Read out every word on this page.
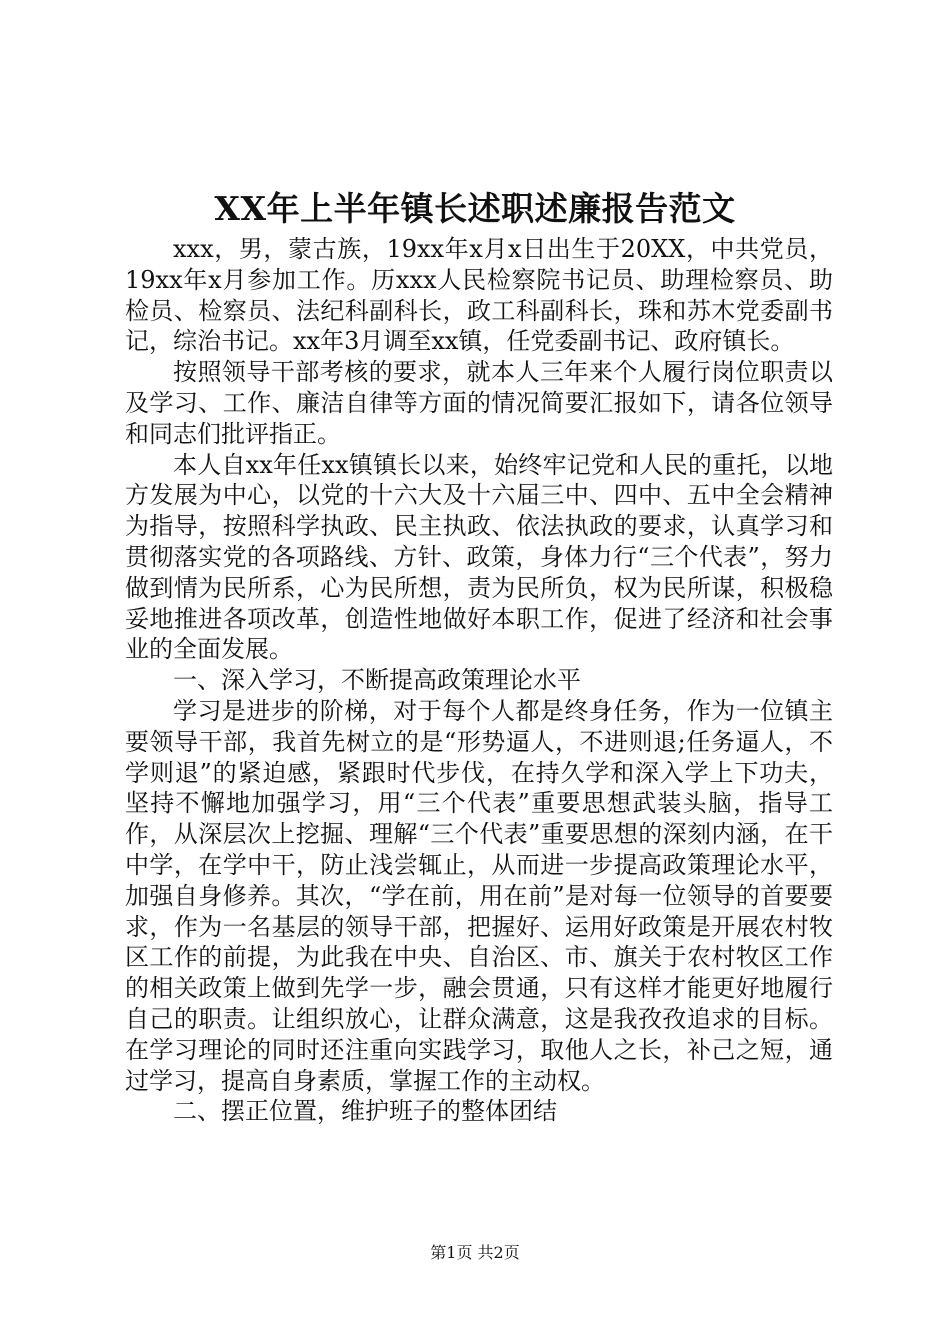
XX年上半年镇长述职述廉报告范文

xxx，男，蒙古族，19xx年x月x日出生于20XX，中共党员，19xx年x月参加工作。历xxx人民检察院书记员、助理检察员、助检员、检察员、法纪科副科长，政工科副科长，珠和苏木党委副书记，综治书记。xx年3月调至xx镇，任党委副书记、政府镇长。

按照领导干部考核的要求，就本人三年来个人履行岗位职责以及学习、工作、廉洁自律等方面的情况简要汇报如下，请各位领导和同志们批评指正。

本人自xx年任xx镇镇长以来，始终牢记党和人民的重托，以地方发展为中心，以党的十六大及十六届三中、四中、五中全会精神为指导，按照科学执政、民主执政、依法执政的要求，认真学习和贯彻落实党的各项路线、方针、政策，身体力行“三个代表”，努力做到情为民所系，心为民所想，责为民所负，权为民所谋，积极稳妥地推进各项改革，创造性地做好本职工作，促进了经济和社会事业的全面发展。

一、深入学习，不断提高政策理论水平

学习是进步的阶梯，对于每个人都是终身任务，作为一位镇主要领导干部，我首先树立的是“形势逼人，不进则退;任务逼人，不学则退”的紧迫感，紧跟时代步伐，在持久学和深入学上下功夫，坚持不懈地加强学习，用“三个代表”重要思想武装头脑，指导工作，从深层次上挖掘、理解“三个代表”重要思想的深刻内涵，在干中学，在学中干，防止浅尝辄止，从而进一步提高政策理论水平，加强自身修养。其次，“学在前，用在前”是对每一位领导的首要要求，作为一名基层的领导干部，把握好、运用好政策是开展农村牧区工作的前提，为此我在中央、自治区、市、旗关于农村牧区工作的相关政策上做到先学一步，融会贯通，只有这样才能更好地履行自己的职责。让组织放心，让群众满意，这是我孜孜追求的目标。在学习理论的同时还注重向实践学习，取他人之长，补己之短，通过学习，提高自身素质，掌握工作的主动权。

二、摆正位置，维护班子的整体团结

第1页 共2页
